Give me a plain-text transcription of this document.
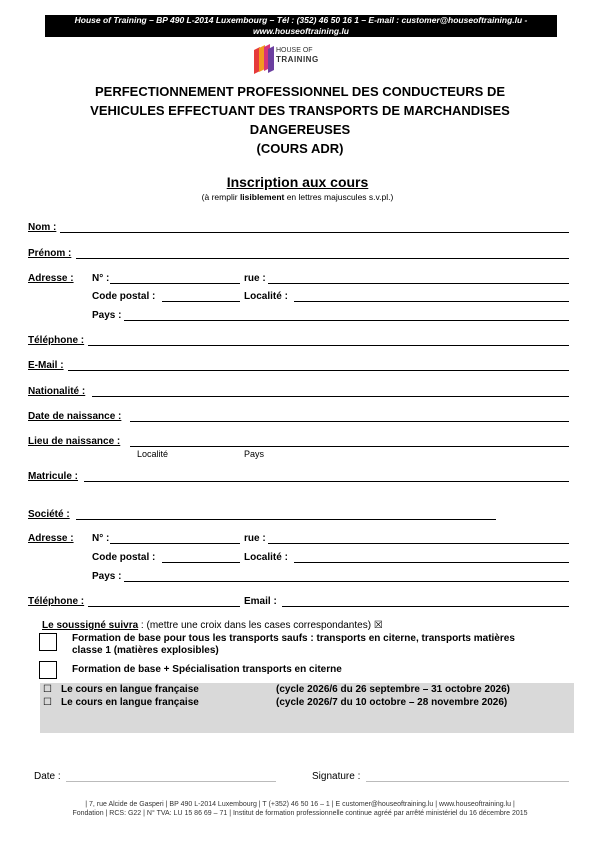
House of Training – BP 490 L-2014 Luxembourg – Tél : (352) 46 50 16 1 – E-mail : customer@houseoftraining.lu -
www.houseoftraining.lu
HOUSE OF
TRAINING
PERFECTIONNEMENT PROFESSIONNEL DES CONDUCTEURS DE
VEHICULES EFFECTUANT DES TRANSPORTS DE MARCHANDISES
DANGEREUSES
(COURS ADR)
Inscription aux cours
(à remplir lisiblement en lettres majuscules s.v.pl.)
Nom :
Prénom :
Adresse : N° :	rue :
Code postal :	Localité :
Pays :
Téléphone :
E-Mail :
Nationalité :
Date de naissance :
Lieu de naissance :
Localité	Pays
Matricule :
Société :
Adresse : N° :	rue :
Code postal :	Localité :
Pays :
Téléphone :	Email :
Le soussigné suivra : (mettre une croix dans les cases correspondantes) ☒
Formation de base pour tous les transports saufs : transports en citerne, transports matières
classe 1 (matières explosibles)
Formation de base + Spécialisation transports en citerne
☐ Le cours en langue française	(cycle 2026/6 du 26 septembre – 31 octobre 2026)
☐ Le cours en langue française	(cycle 2026/7 du 10 octobre – 28 novembre 2026)
Date :	Signature :
| 7, rue Alcide de Gasperi | BP 490 L-2014 Luxembourg | T (+352) 46 50 16 – 1 | E customer@houseoftraining.lu | www.houseoftraining.lu |
Fondation | RCS: G22 | N° TVA: LU 15 86 69 – 71 | Institut de formation professionnelle continue agréé par arrêté ministériel du 16 décembre 2015
